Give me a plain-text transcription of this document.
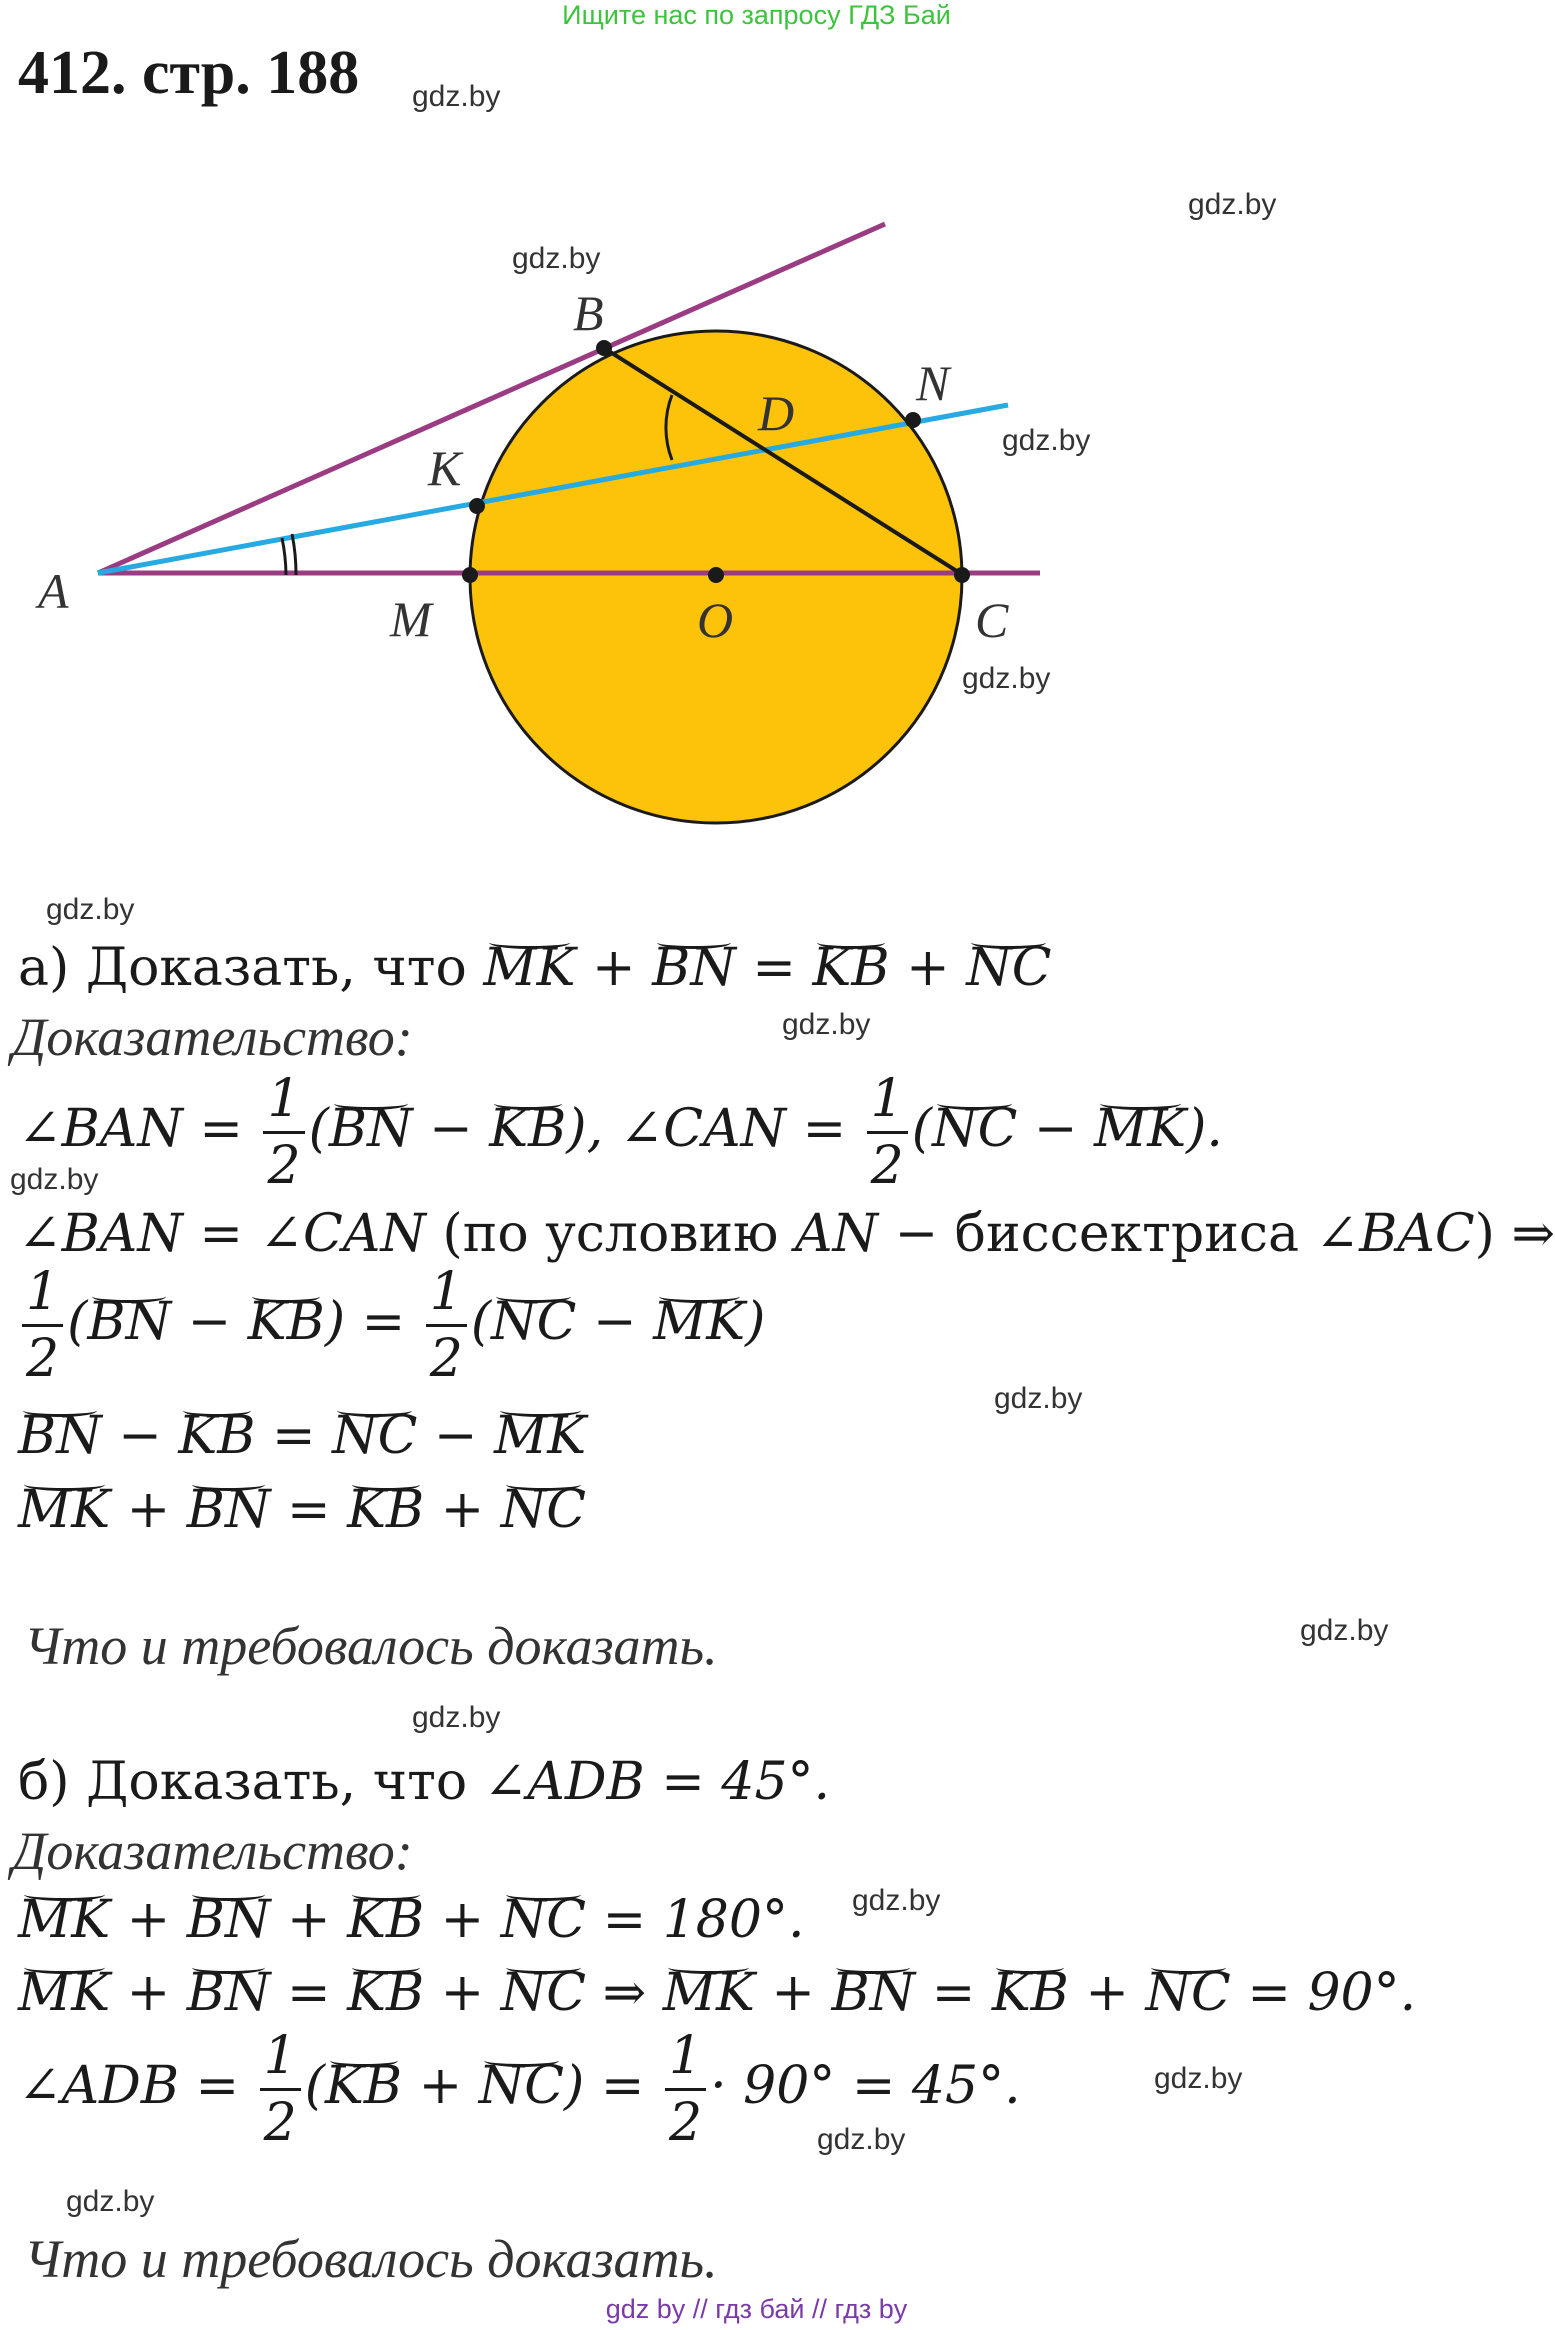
Ищите нас по запросу ГДЗ Бай
412. стр. 188 gdz.by
gdz.by
gdz.by
gdz.by
gdz.by
gdz.by
gdz.by
gdz.by
gdz.by
gdz.by
gdz.by
gdz.by
gdz.by
gdz.by
gdz.by
A
B
N
D
K
M	O	C
а) Доказать, что MK + BN = KB + NC
Доказательство:
∠BAN = $\frac{1}{2} (BN - KB)$, ∠CAN = $\frac{1}{2} (NC - MK)$.
∠BAN = ∠CAN (по условию AN − биссектриса ∠BAC) ⇒
$\frac{1}{2} (BN - KB) = \frac{1}{2} (NC - MK)$
BN − KB = NC − MK
MK + BN = KB + NC
Что и требовалось доказать.
б) Доказать, что ∠ADB = 45°.
Доказательство:
MK + BN + KB + NC = 180°.
MK + BN = KB + NC ⇒ MK + BN = KB + NC = 90°.
∠ADB = $\frac{1}{2} (KB + NC) = \frac{1}{2} \cdot 90^\circ = 45^\circ$.
Что и требовалось доказать.
gdz by // гдз бай // гдз by
